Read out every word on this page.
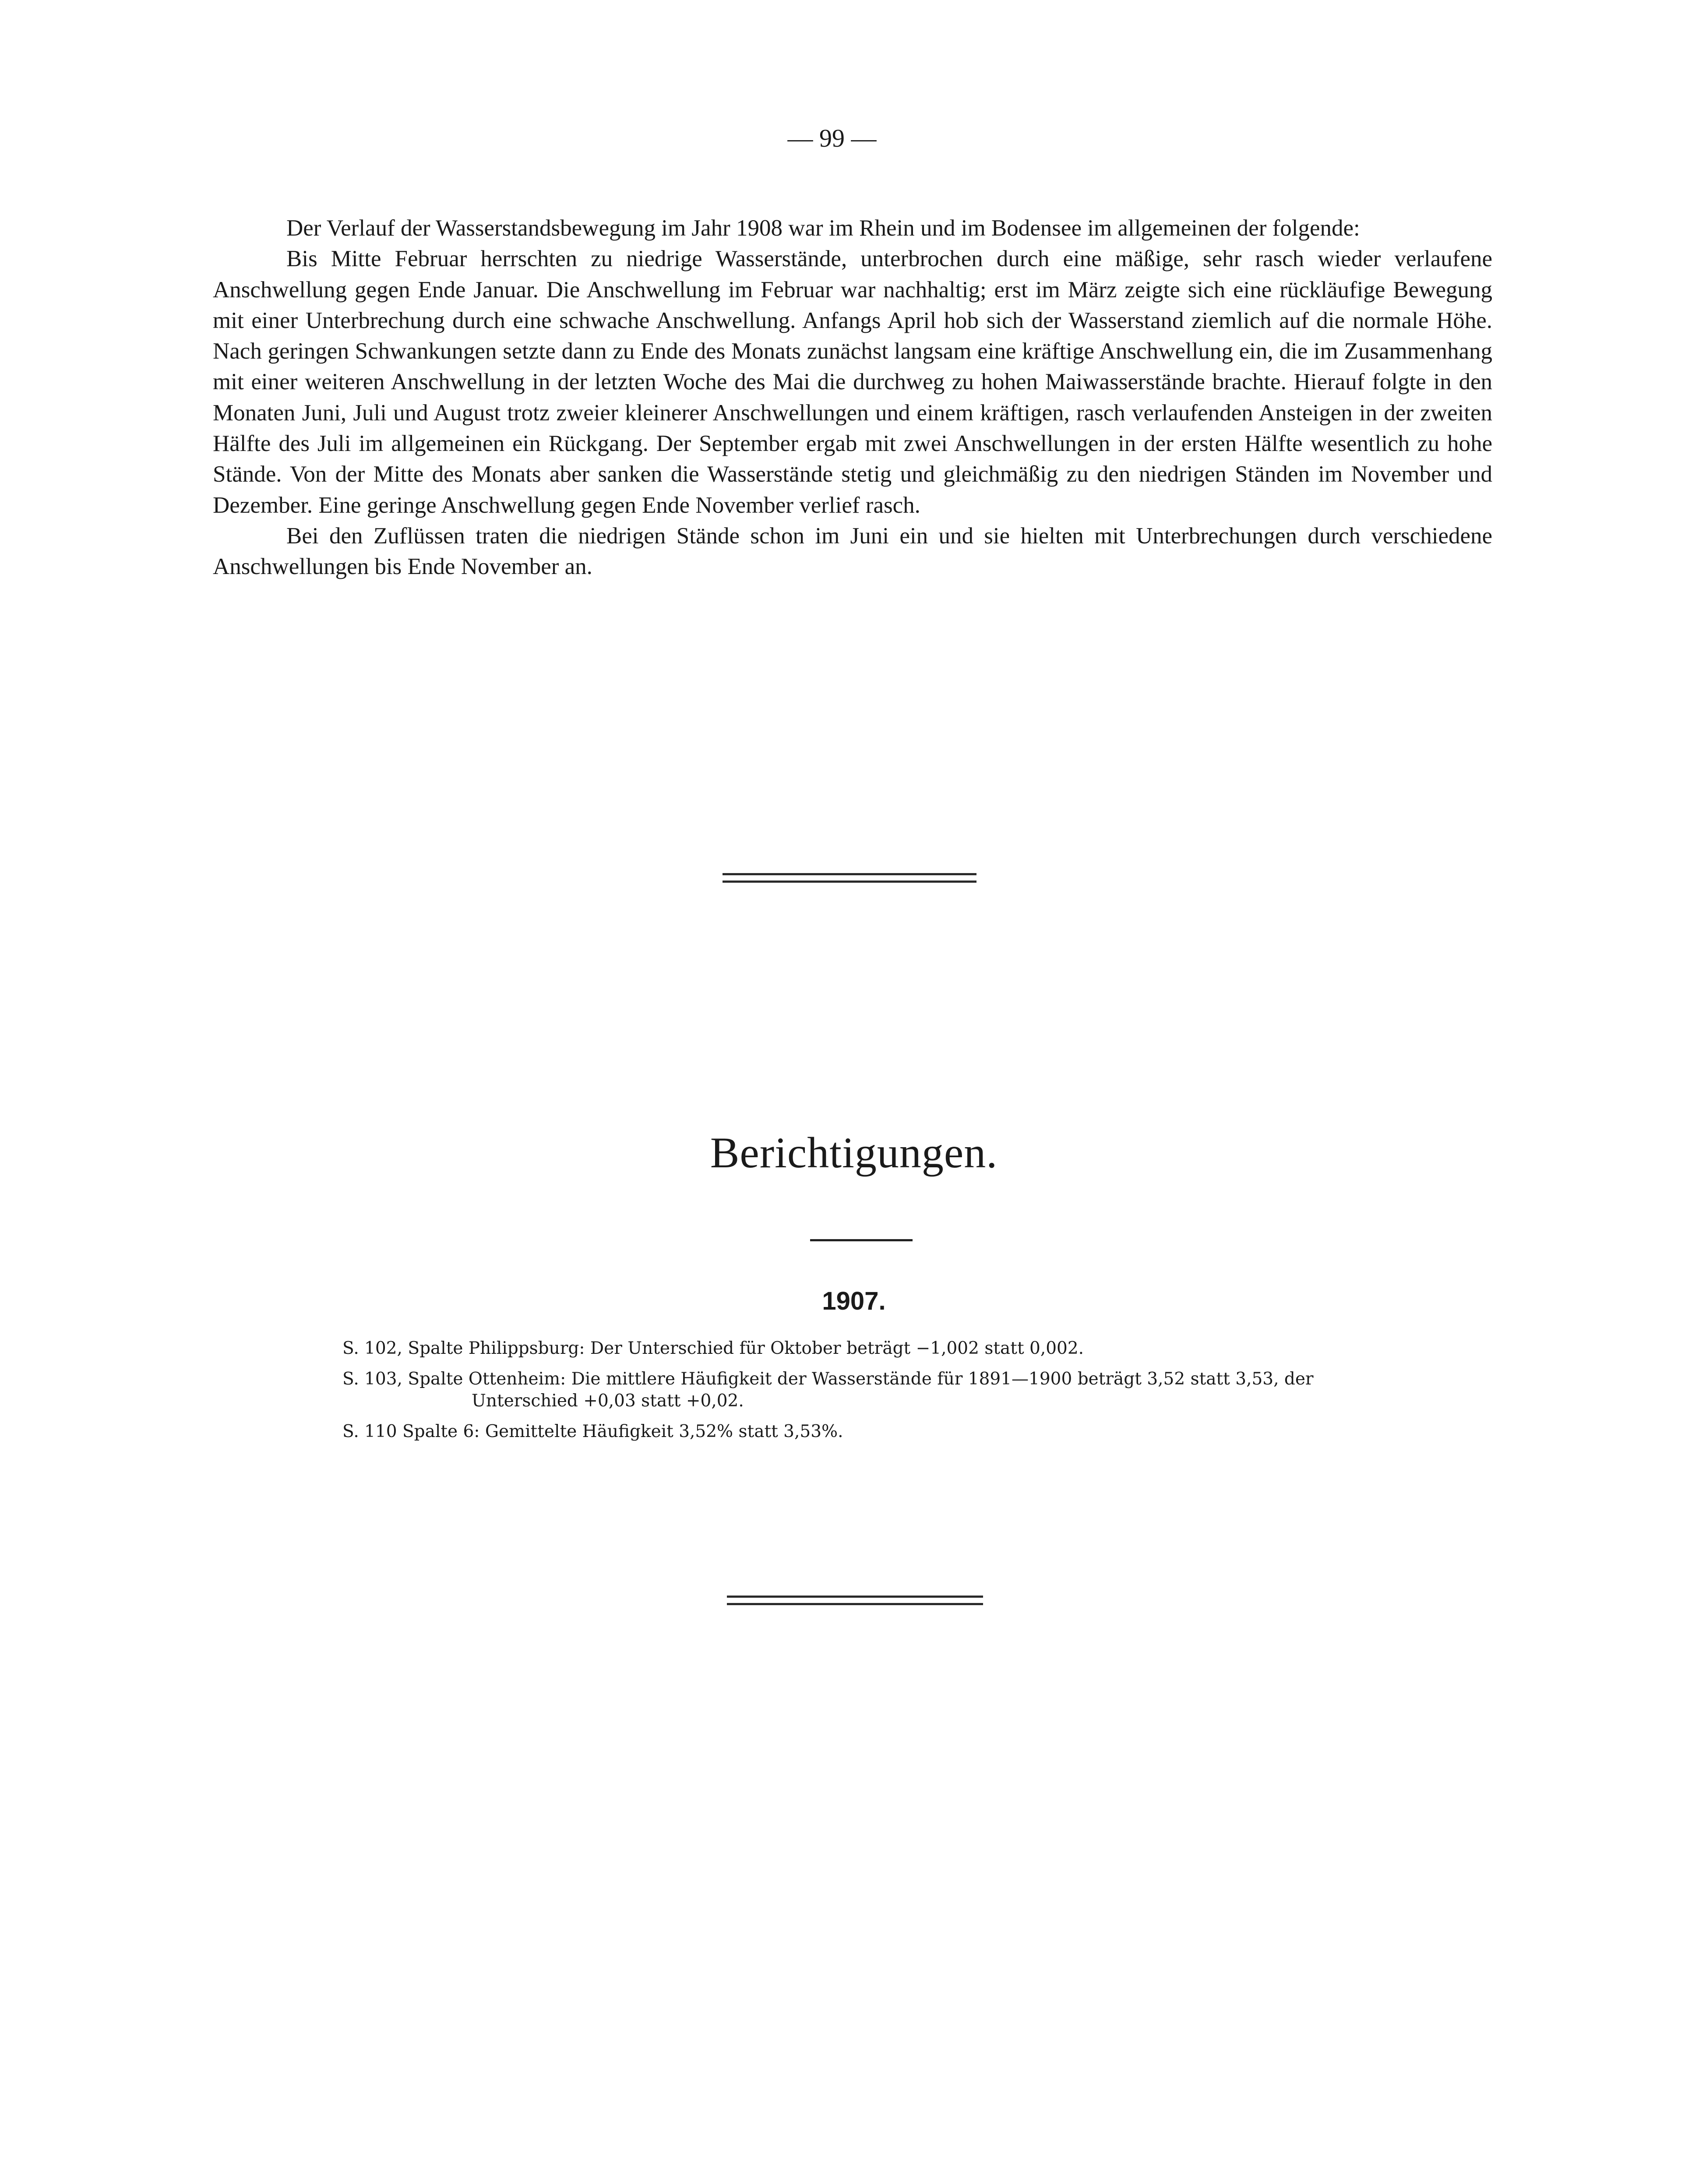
— 99 —

Der Verlauf der Wasserstandsbewegung im Jahr 1908 war im Rhein und im Bodensee im allgemeinen der folgende:

Bis Mitte Februar herrschten zu niedrige Wasserstände, unterbrochen durch eine mäßige, sehr rasch wieder verlaufene Anschwellung gegen Ende Januar. Die Anschwellung im Februar war nachhaltig; erst im März zeigte sich eine rückläufige Bewegung mit einer Unterbrechung durch eine schwache Anschwellung. Anfangs April hob sich der Wasserstand ziemlich auf die normale Höhe. Nach geringen Schwankungen setzte dann zu Ende des Monats zunächst langsam eine kräftige Anschwellung ein, die im Zusammenhang mit einer weiteren Anschwellung in der letzten Woche des Mai die durchweg zu hohen Maiwasserstände brachte. Hierauf folgte in den Monaten Juni, Juli und August trotz zweier kleinerer Anschwellungen und einem kräftigen, rasch verlaufenden Ansteigen in der zweiten Hälfte des Juli im allgemeinen ein Rückgang. Der September ergab mit zwei Anschwellungen in der ersten Hälfte wesentlich zu hohe Stände. Von der Mitte des Monats aber sanken die Wasserstände stetig und gleichmäßig zu den niedrigen Ständen im November und Dezember. Eine geringe Anschwellung gegen Ende November verlief rasch.

Bei den Zuflüssen traten die niedrigen Stände schon im Juni ein und sie hielten mit Unterbrechungen durch verschiedene Anschwellungen bis Ende November an.

Berichtigungen.
1907.
S. 102, Spalte Philippsburg: Der Unterschied für Oktober beträgt −1,002 statt 0,002.
S. 103, Spalte Ottenheim: Die mittlere Häufigkeit der Wasserstände für 1891—1900 beträgt 3,52 statt 3,53, der
Unterschied +0,03 statt +0,02.
S. 110 Spalte 6: Gemittelte Häufigkeit 3,52% statt 3,53%.
